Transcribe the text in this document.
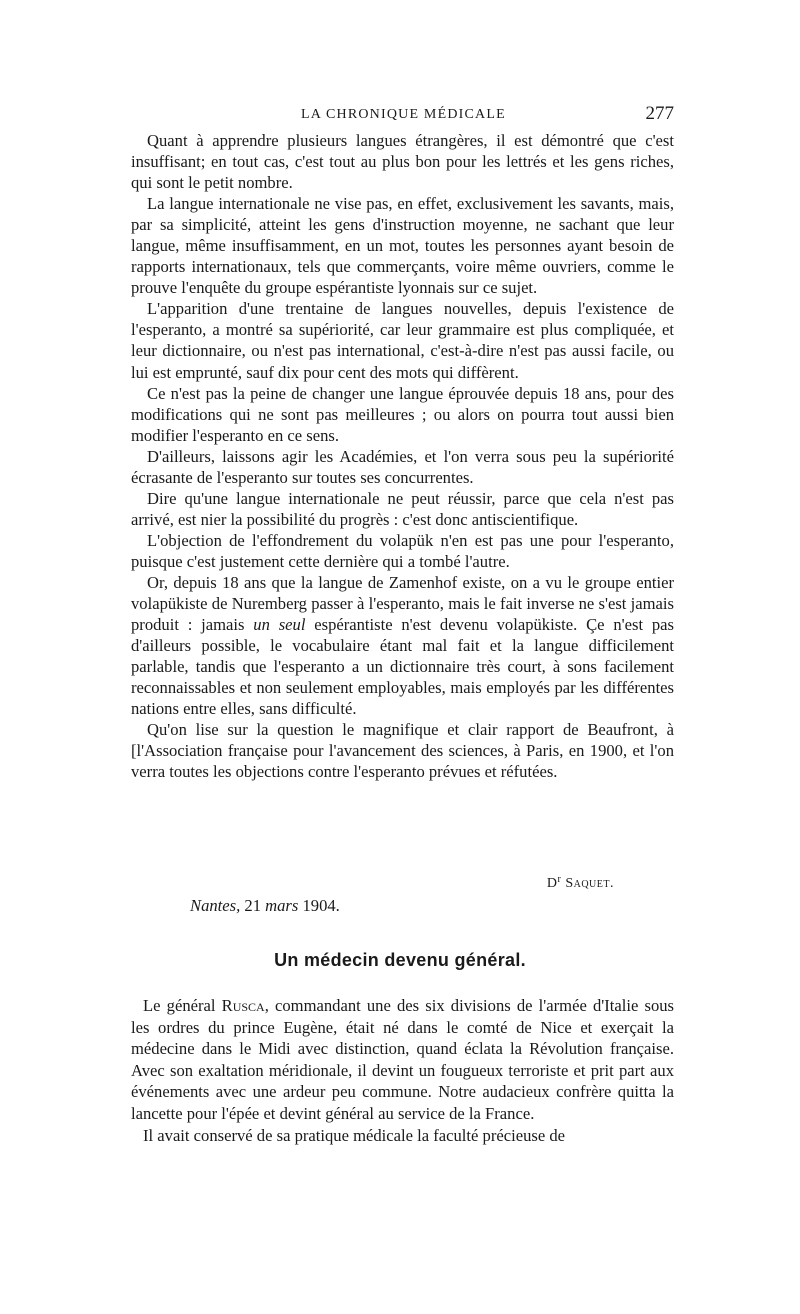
LA CHRONIQUE MÉDICALE	277

Quant à apprendre plusieurs langues étrangères, il est démontré que c'est insuffisant; en tout cas, c'est tout au plus bon pour les lettrés et les gens riches, qui sont le petit nombre.

La langue internationale ne vise pas, en effet, exclusivement les savants, mais, par sa simplicité, atteint les gens d'instruction moyenne, ne sachant que leur langue, même insuffisamment, en un mot, toutes les personnes ayant besoin de rapports internationaux, tels que commerçants, voire même ouvriers, comme le prouve l'enquête du groupe espérantiste lyonnais sur ce sujet.

L'apparition d'une trentaine de langues nouvelles, depuis l'existence de l'esperanto, a montré sa supériorité, car leur grammaire est plus compliquée, et leur dictionnaire, ou n'est pas international, c'est-à-dire n'est pas aussi facile, ou lui est emprunté, sauf dix pour cent des mots qui diffèrent.

Ce n'est pas la peine de changer une langue éprouvée depuis 18 ans, pour des modifications qui ne sont pas meilleures ; ou alors on pourra tout aussi bien modifier l'esperanto en ce sens.

D'ailleurs, laissons agir les Académies, et l'on verra sous peu la supériorité écrasante de l'esperanto sur toutes ses concurrentes.

Dire qu'une langue internationale ne peut réussir, parce que cela n'est pas arrivé, est nier la possibilité du progrès : c'est donc antiscientifique.

L'objection de l'effondrement du volapük n'en est pas une pour l'esperanto, puisque c'est justement cette dernière qui a tombé l'autre.

Or, depuis 18 ans que la langue de Zamenhof existe, on a vu le groupe entier volapükiste de Nuremberg passer à l'esperanto, mais le fait inverse ne s'est jamais produit : jamais un seul espérantiste n'est devenu volapükiste. Çe n'est pas d'ailleurs possible, le vocabulaire étant mal fait et la langue difficilement parlable, tandis que l'esperanto a un dictionnaire très court, à sons facilement reconnaissables et non seulement employables, mais employés par les différentes nations entre elles, sans difficulté.

Qu'on lise sur la question le magnifique et clair rapport de Beaufront, à [l'Association française pour l'avancement des sciences, à Paris, en 1900, et l'on verra toutes les objections contre l'esperanto prévues et réfutées.

$D^r$ Saquet.
Nantes, 21 mars 1904.
Un médecin devenu général.

Le général Rusca, commandant une des six divisions de l'armée d'Italie sous les ordres du prince Eugène, était né dans le comté de Nice et exerçait la médecine dans le Midi avec distinction, quand éclata la Révolution française. Avec son exaltation méridionale, il devint un fougueux terroriste et prit part aux événements avec une ardeur peu commune. Notre audacieux confrère quitta la lancette pour l'épée et devint général au service de la France.

Il avait conservé de sa pratique médicale la faculté précieuse de
